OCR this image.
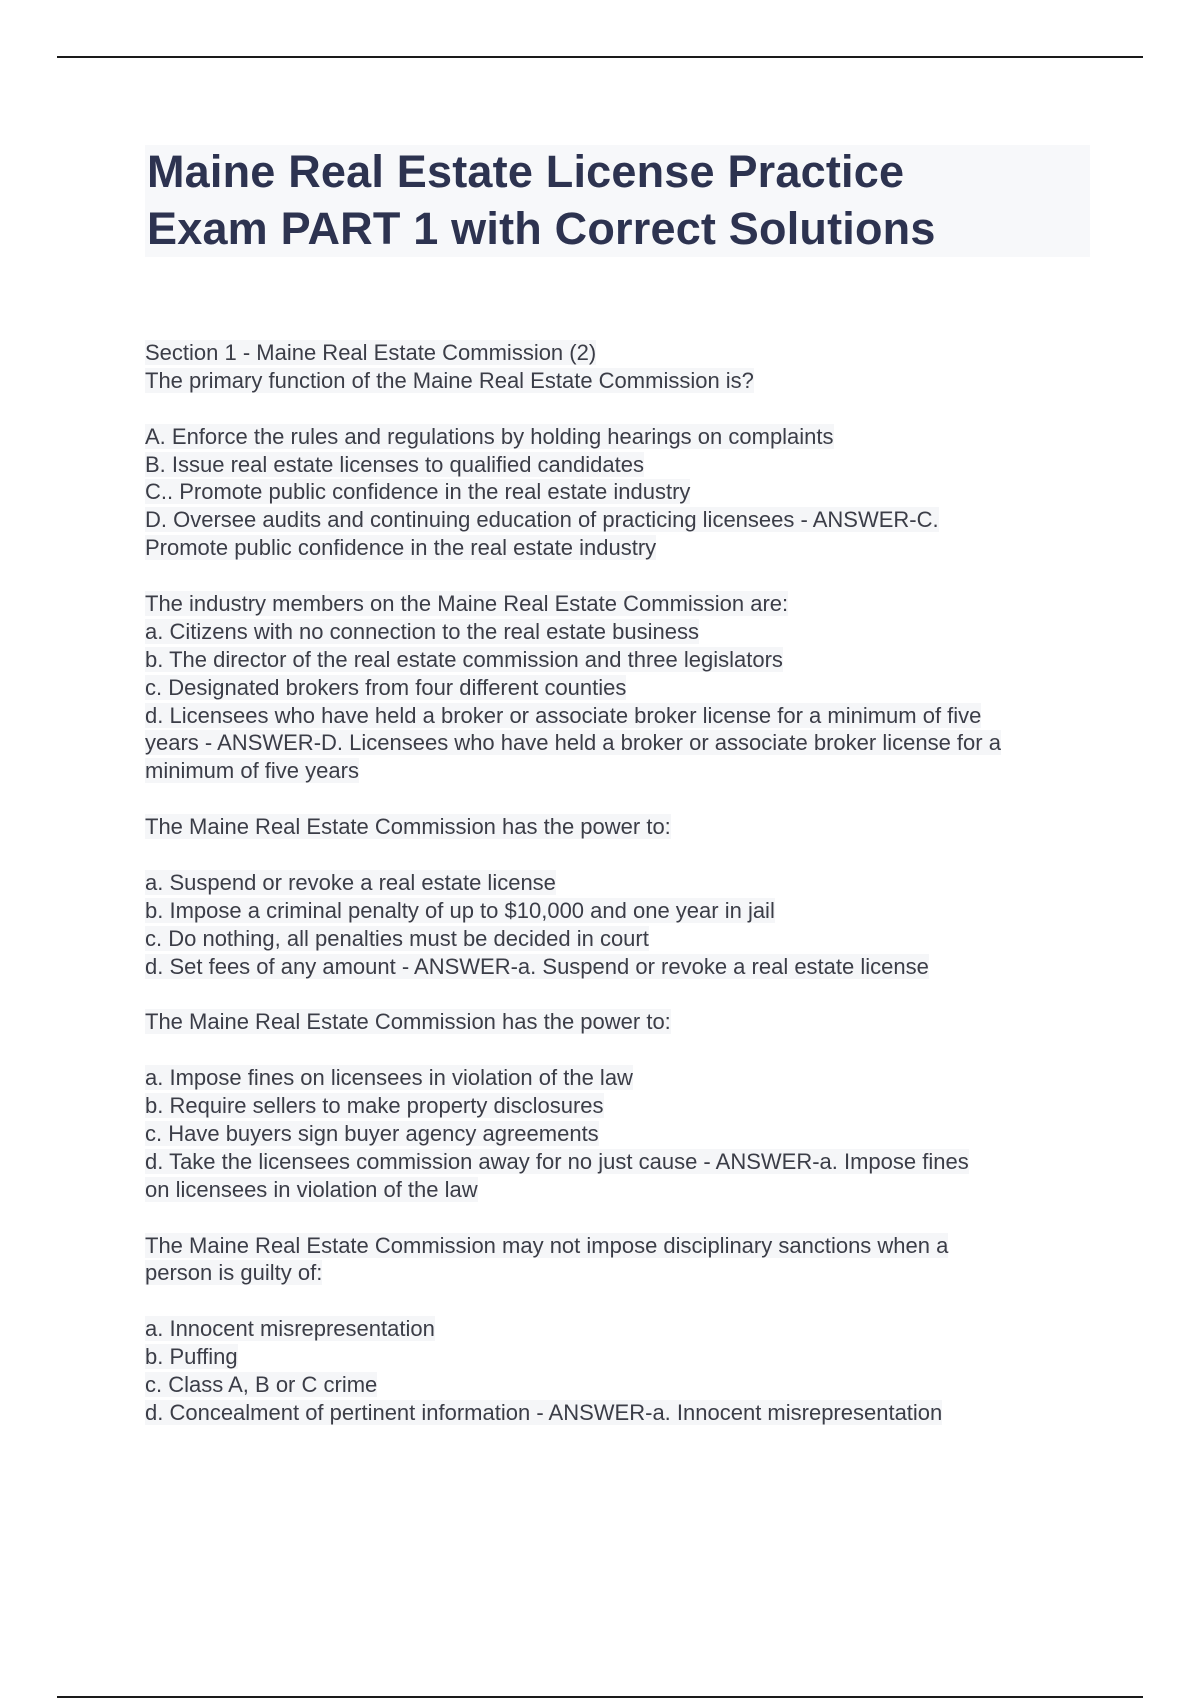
Maine Real Estate License Practice
Exam PART 1 with Correct Solutions
Section 1 - Maine Real Estate Commission (2)
The primary function of the Maine Real Estate Commission is?
A. Enforce the rules and regulations by holding hearings on complaints
B. Issue real estate licenses to qualified candidates
C.. Promote public confidence in the real estate industry
D. Oversee audits and continuing education of practicing licensees - ANSWER-C.
Promote public confidence in the real estate industry
The industry members on the Maine Real Estate Commission are:
a. Citizens with no connection to the real estate business
b. The director of the real estate commission and three legislators
c. Designated brokers from four different counties
d. Licensees who have held a broker or associate broker license for a minimum of five
years - ANSWER-D. Licensees who have held a broker or associate broker license for a
minimum of five years
The Maine Real Estate Commission has the power to:
a. Suspend or revoke a real estate license
b. Impose a criminal penalty of up to $10,000 and one year in jail
c. Do nothing, all penalties must be decided in court
d. Set fees of any amount - ANSWER-a. Suspend or revoke a real estate license
The Maine Real Estate Commission has the power to:
a. Impose fines on licensees in violation of the law
b. Require sellers to make property disclosures
c. Have buyers sign buyer agency agreements
d. Take the licensees commission away for no just cause - ANSWER-a. Impose fines
on licensees in violation of the law
The Maine Real Estate Commission may not impose disciplinary sanctions when a
person is guilty of:
a. Innocent misrepresentation
b. Puffing
c. Class A, B or C crime
d. Concealment of pertinent information - ANSWER-a. Innocent misrepresentation
